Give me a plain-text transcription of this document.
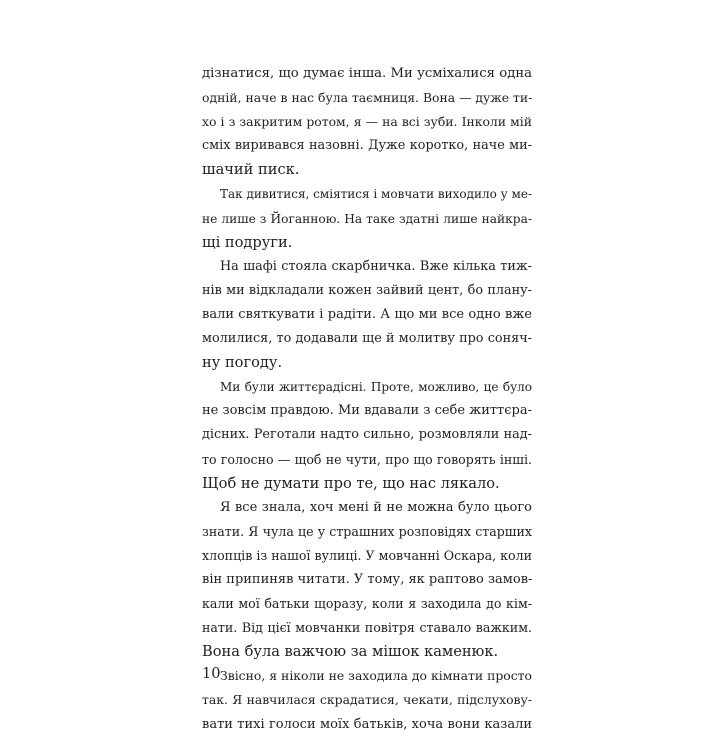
дізнатися, що думає інша. Ми усміхалися одна
одній, наче в нас була таємниця. Вона — дуже ти-
хо і з закритим ротом, я — на всі зуби. Інколи мій
сміх виривався назовні. Дуже коротко, наче ми-
шачий писк.
Так дивитися, сміятися і мовчати виходило у ме-
не лише з Йоганною. На таке здатні лише найкра-
щі подруги.
На шафі стояла скарбничка. Вже кілька тиж-
нів ми відкладали кожен зайвий цент, бо плану-
вали святкувати і радіти. А що ми все одно вже
молилися, то додавали ще й молитву про соняч-
ну погоду.
Ми були життєрадісні. Проте, можливо, це було
не зовсім правдою. Ми вдавали з себе життєра-
дісних. Реготали надто сильно, розмовляли над-
то голосно — щоб не чути, про що говорять інші.
Щоб не думати про те, що нас лякало.
Я все знала, хоч мені й не можна було цього
знати. Я чула це у страшних розповідях старших
хлопців із нашої вулиці. У мовчанні Оскара, коли
він припиняв читати. У тому, як раптово замов-
кали мої батьки щоразу, коли я заходила до кім-
нати. Від цієї мовчанки повітря ставало важким.
Вона була важчою за мішок каменюк.
Звісно, я ніколи не заходила до кімнати просто
так. Я навчилася скрадатися, чекати, підслухову-
вати тихі голоси моїх батьків, хоча вони казали
10
